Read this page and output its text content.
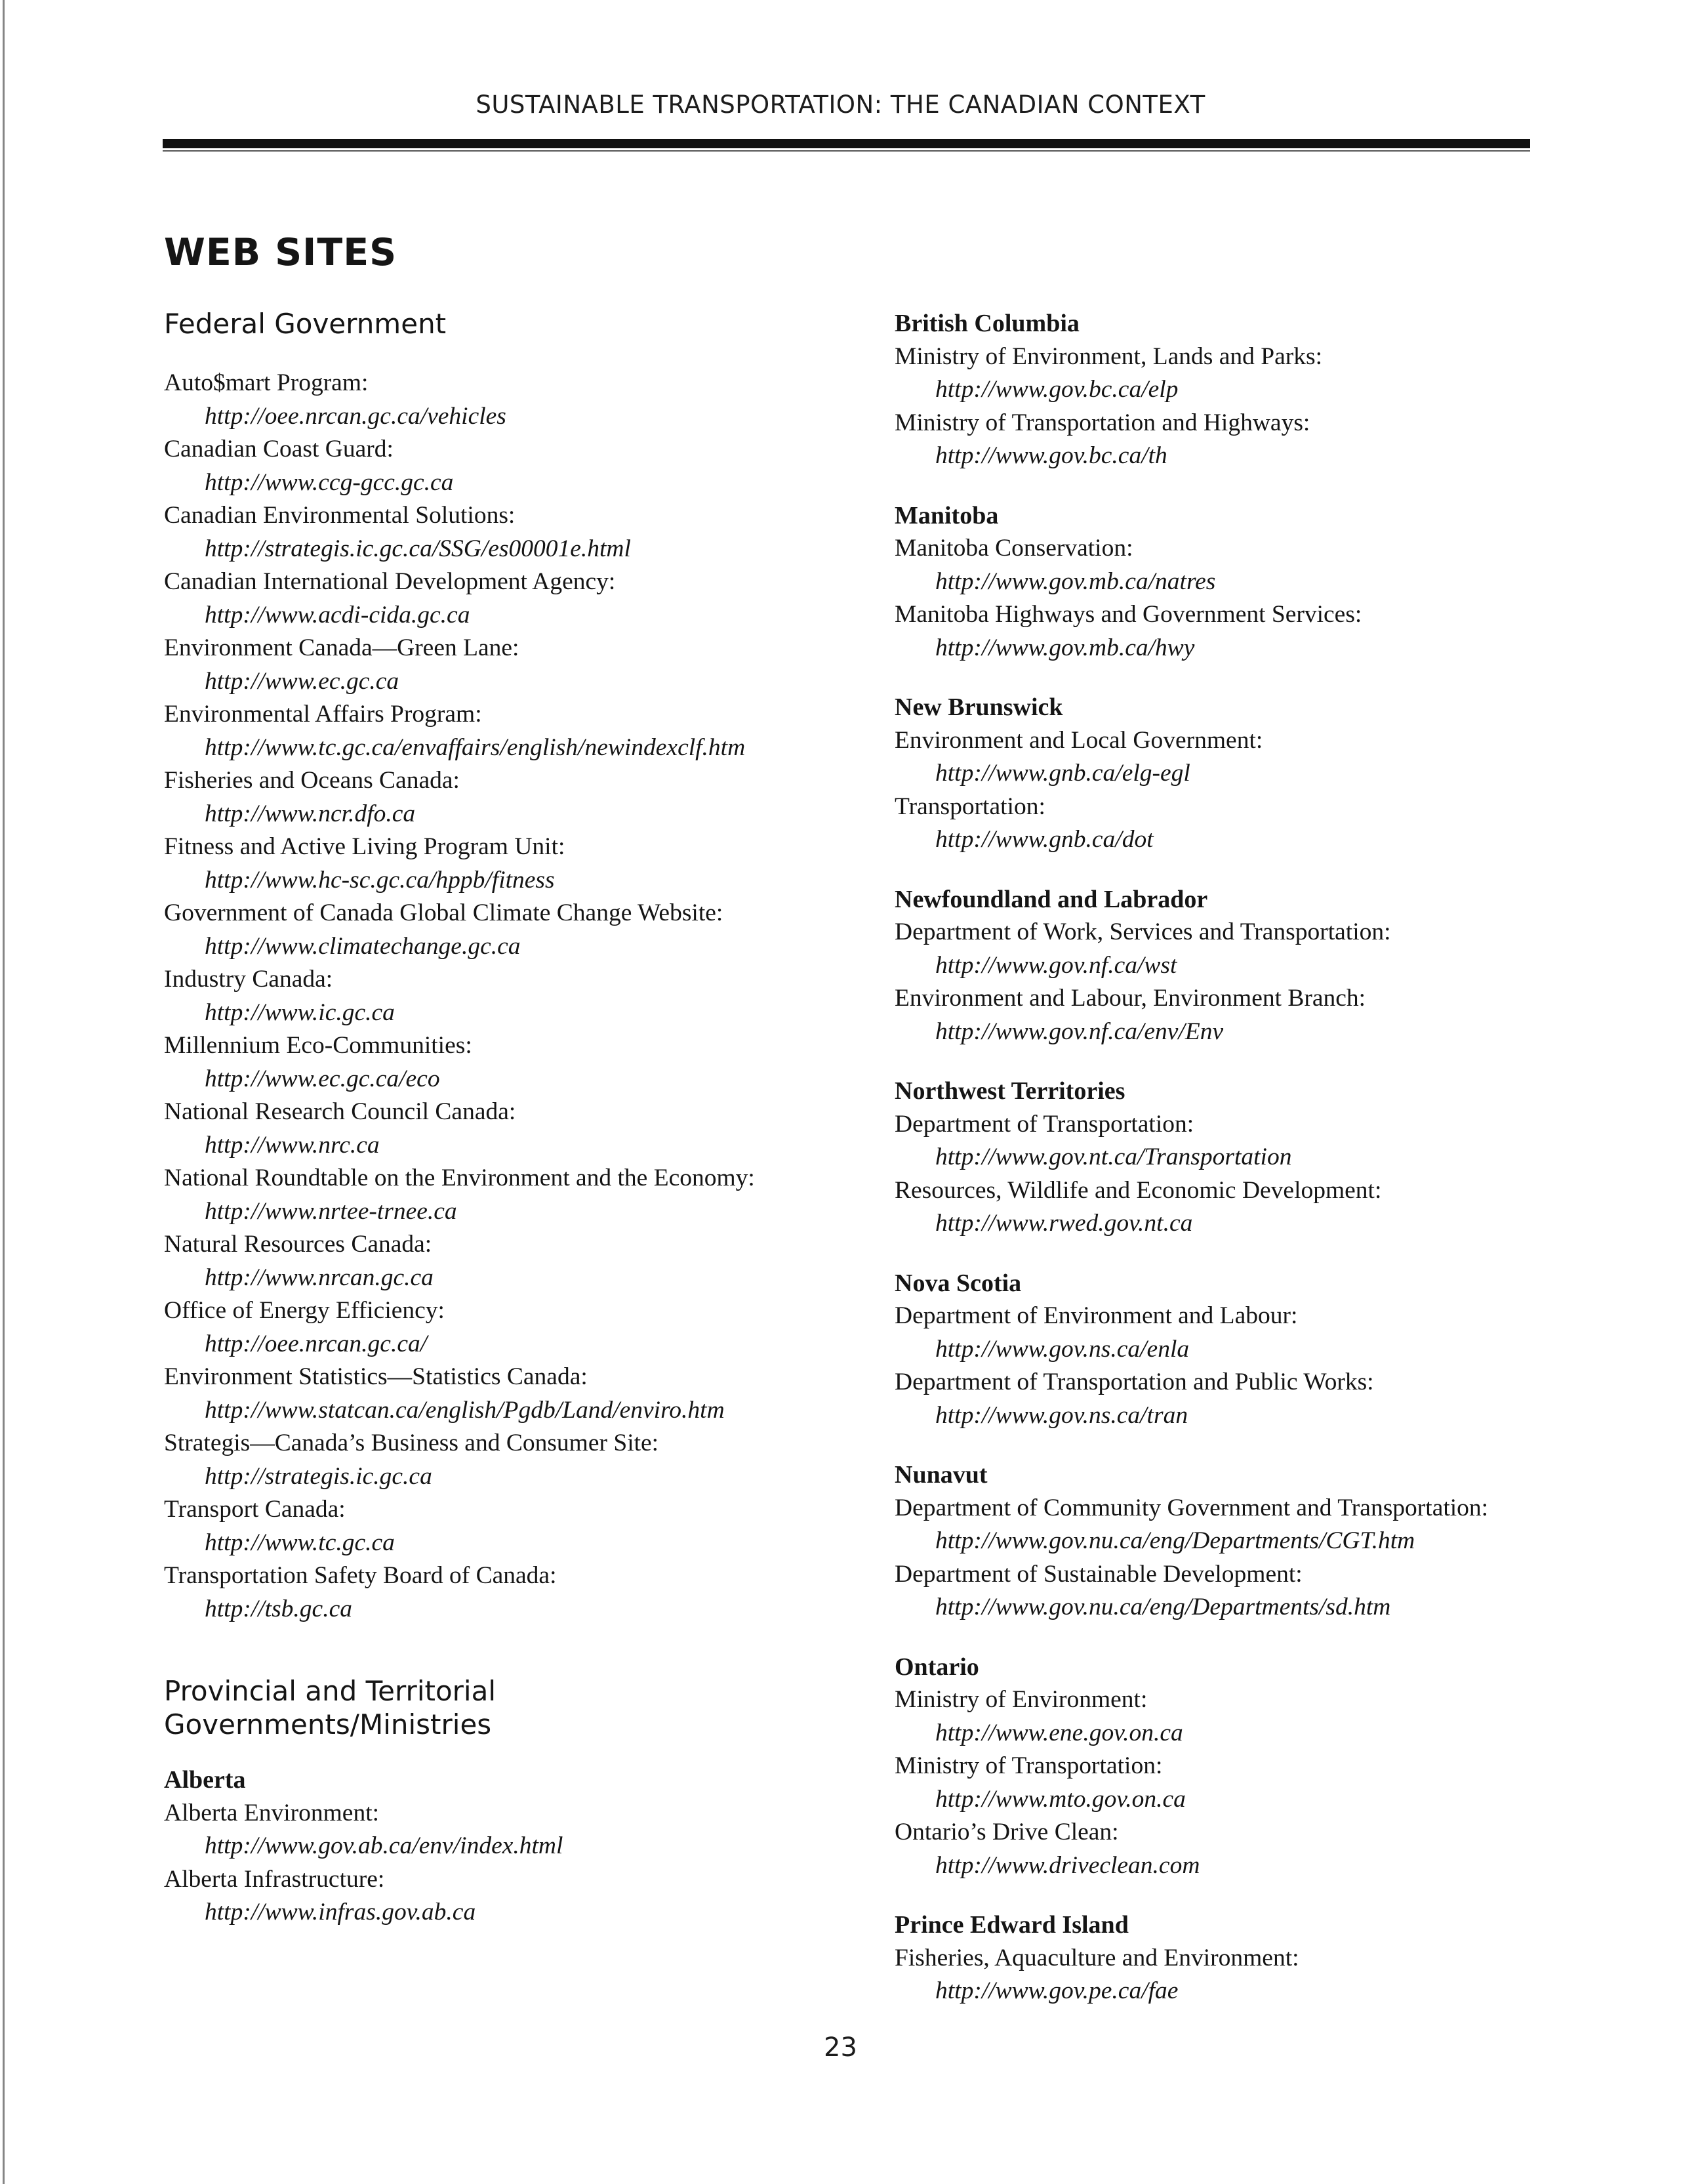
SUSTAINABLE TRANSPORTATION: THE CANADIAN CONTEXT
WEB SITES
Federal Government
Auto$mart Program:
http://oee.nrcan.gc.ca/vehicles
Canadian Coast Guard:
http://www.ccg-gcc.gc.ca
Canadian Environmental Solutions:
http://strategis.ic.gc.ca/SSG/es00001e.html
Canadian International Development Agency:
http://www.acdi-cida.gc.ca
Environment Canada—Green Lane:
http://www.ec.gc.ca
Environmental Affairs Program:
http://www.tc.gc.ca/envaffairs/english/newindexclf.htm
Fisheries and Oceans Canada:
http://www.ncr.dfo.ca
Fitness and Active Living Program Unit:
http://www.hc-sc.gc.ca/hppb/fitness
Government of Canada Global Climate Change Website:
http://www.climatechange.gc.ca
Industry Canada:
http://www.ic.gc.ca
Millennium Eco-Communities:
http://www.ec.gc.ca/eco
National Research Council Canada:
http://www.nrc.ca
National Roundtable on the Environment and the Economy:
http://www.nrtee-trnee.ca
Natural Resources Canada:
http://www.nrcan.gc.ca
Office of Energy Efficiency:
http://oee.nrcan.gc.ca/
Environment Statistics—Statistics Canada:
http://www.statcan.ca/english/Pgdb/Land/enviro.htm
Strategis—Canada’s Business and Consumer Site:
http://strategis.ic.gc.ca
Transport Canada:
http://www.tc.gc.ca
Transportation Safety Board of Canada:
http://tsb.gc.ca
Provincial and Territorial
Governments/Ministries
Alberta
Alberta Environment:
http://www.gov.ab.ca/env/index.html
Alberta Infrastructure:
http://www.infras.gov.ab.ca
British Columbia
Ministry of Environment, Lands and Parks:
http://www.gov.bc.ca/elp
Ministry of Transportation and Highways:
http://www.gov.bc.ca/th
Manitoba
Manitoba Conservation:
http://www.gov.mb.ca/natres
Manitoba Highways and Government Services:
http://www.gov.mb.ca/hwy
New Brunswick
Environment and Local Government:
http://www.gnb.ca/elg-egl
Transportation:
http://www.gnb.ca/dot
Newfoundland and Labrador
Department of Work, Services and Transportation:
http://www.gov.nf.ca/wst
Environment and Labour, Environment Branch:
http://www.gov.nf.ca/env/Env
Northwest Territories
Department of Transportation:
http://www.gov.nt.ca/Transportation
Resources, Wildlife and Economic Development:
http://www.rwed.gov.nt.ca
Nova Scotia
Department of Environment and Labour:
http://www.gov.ns.ca/enla
Department of Transportation and Public Works:
http://www.gov.ns.ca/tran
Nunavut
Department of Community Government and Transportation:
http://www.gov.nu.ca/eng/Departments/CGT.htm
Department of Sustainable Development:
http://www.gov.nu.ca/eng/Departments/sd.htm
Ontario
Ministry of Environment:
http://www.ene.gov.on.ca
Ministry of Transportation:
http://www.mto.gov.on.ca
Ontario’s Drive Clean:
http://www.driveclean.com
Prince Edward Island
Fisheries, Aquaculture and Environment:
http://www.gov.pe.ca/fae
23
